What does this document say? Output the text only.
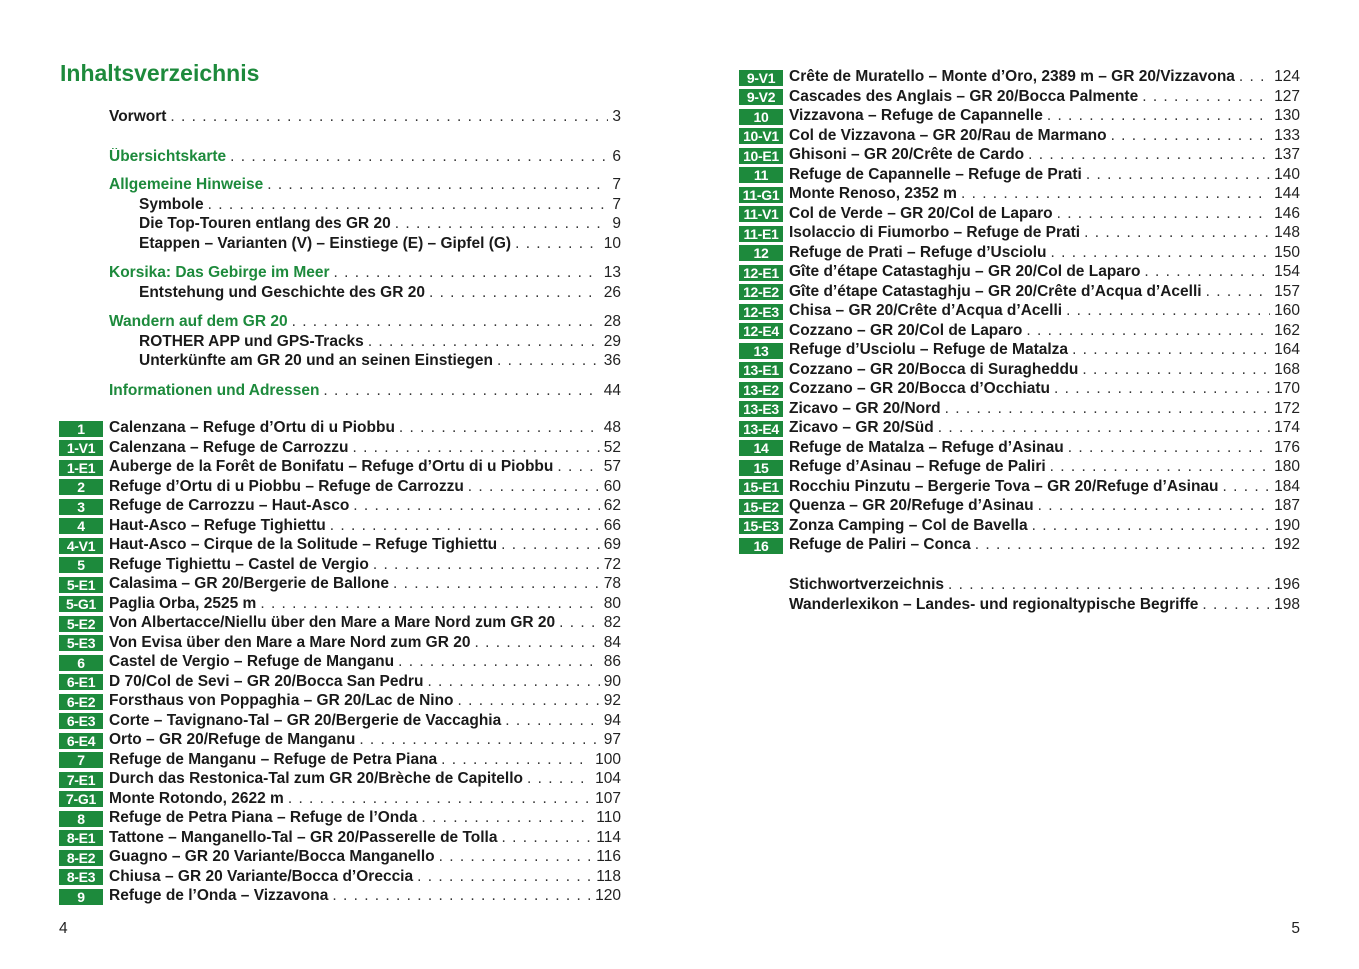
Inhaltsverzeichnis
Vorwort . . .	3
Übersichtskarte . . .	6
Allgemeine Hinweise . . .	7
Symbole . . .	7
Die Top-Touren entlang des GR 20 . . .	9
Etappen – Varianten (V) – Einstiege (E) – Gipfel (G) . . .	10
Korsika: Das Gebirge im Meer . . .	13
Entstehung und Geschichte des GR 20 . . .	26
Wandern auf dem GR 20 . . .	28
ROTHER APP und GPS-Tracks . . .	29
Unterkünfte am GR 20 und an seinen Einstiegen . . .	36
Informationen und Adressen . . .	44
1	Calenzana – Refuge d’Ortu di u Piobbu . . .	48
1-V1 Calenzana – Refuge de Carrozzu . . .	52
1-E1 Auberge de la Forêt de Bonifatu – Refuge d’Ortu di u Piobbu . . .	57
2	Refuge d’Ortu di u Piobbu – Refuge de Carrozzu . . .	60
3	Refuge de Carrozzu – Haut-Asco . . .	62
4	Haut-Asco – Refuge Tighiettu . . .	66
4-V1 Haut-Asco – Cirque de la Solitude – Refuge Tighiettu . . .	69
5	Refuge Tighiettu – Castel de Vergio . . .	72
5-E1 Calasima – GR 20/Bergerie de Ballone . . .	78
5-G1 Paglia Orba, 2525 m . . .	80
5-E2 Von Albertacce/Niellu über den Mare a Mare Nord zum GR 20 . . .	82
5-E3 Von Evisa über den Mare a Mare Nord zum GR 20 . . .	84
6	Castel de Vergio – Refuge de Manganu . . .	86
6-E1 D 70/Col de Sevi – GR 20/Bocca San Pedru . . .	90
6-E2 Forsthaus von Poppaghia – GR 20/Lac de Nino . . .	92
6-E3 Corte – Tavignano-Tal – GR 20/Bergerie de Vaccaghia . . .	94
6-E4 Orto – GR 20/Refuge de Manganu . . .	97
7	Refuge de Manganu – Refuge de Petra Piana . . .	100
7-E1 Durch das Restonica-Tal zum GR 20/Brèche de Capitello . . .	104
7-G1 Monte Rotondo, 2622 m . . .	107
8	Refuge de Petra Piana – Refuge de l’Onda . . .	110
8-E1 Tattone – Manganello-Tal – GR 20/Passerelle de Tolla . . .	114
8-E2 Guagno – GR 20 Variante/Bocca Manganello . . .	116
8-E3 Chiusa – GR 20 Variante/Bocca d’Oreccia . . .	118
9	Refuge de l’Onda – Vizzavona . . .	120
4
9-V1 Crête de Muratello – Monte d’Oro, 2389 m – GR 20/Vizzavona . . .	124
9-V2 Cascades des Anglais – GR 20/Bocca Palmente . . .	127
10	Vizzavona – Refuge de Capannelle . . .	130
10-V1 Col de Vizzavona – GR 20/Rau de Marmano . . .	133
10-E1 Ghisoni – GR 20/Crête de Cardo . . .	137
11	Refuge de Capannelle – Refuge de Prati . . .	140
11-G1 Monte Renoso, 2352 m . . .	144
11-V1 Col de Verde – GR 20/Col de Laparo . . .	146
11-E1 Isolaccio di Fiumorbo – Refuge de Prati . . .	148
12	Refuge de Prati – Refuge d’Usciolu . . .	150
12-E1 Gîte d’étape Catastaghju – GR 20/Col de Laparo . . .	154
12-E2 Gîte d’étape Catastaghju – GR 20/Crête d’Acqua d’Acelli . . .	157
12-E3 Chisa – GR 20/Crête d’Acqua d’Acelli . . .	160
12-E4 Cozzano – GR 20/Col de Laparo . . .	162
13	Refuge d’Usciolu – Refuge de Matalza . . .	164
13-E1 Cozzano – GR 20/Bocca di Suragheddu . . .	168
13-E2 Cozzano – GR 20/Bocca d’Occhiatu . . .	170
13-E3 Zicavo – GR 20/Nord . . .	172
13-E4 Zicavo – GR 20/Süd . . .	174
14	Refuge de Matalza – Refuge d’Asinau . . .	176
15	Refuge d’Asinau – Refuge de Paliri . . .	180
15-E1 Rocchiu Pinzutu – Bergerie Tova – GR 20/Refuge d’Asinau . . .	184
15-E2 Quenza – GR 20/Refuge d’Asinau . . .	187
15-E3 Zonza Camping – Col de Bavella . . .	190
16	Refuge de Paliri – Conca . . .	192
Stichwortverzeichnis . . .	196
Wanderlexikon – Landes- und regionaltypische Begriffe . . .	198
5
